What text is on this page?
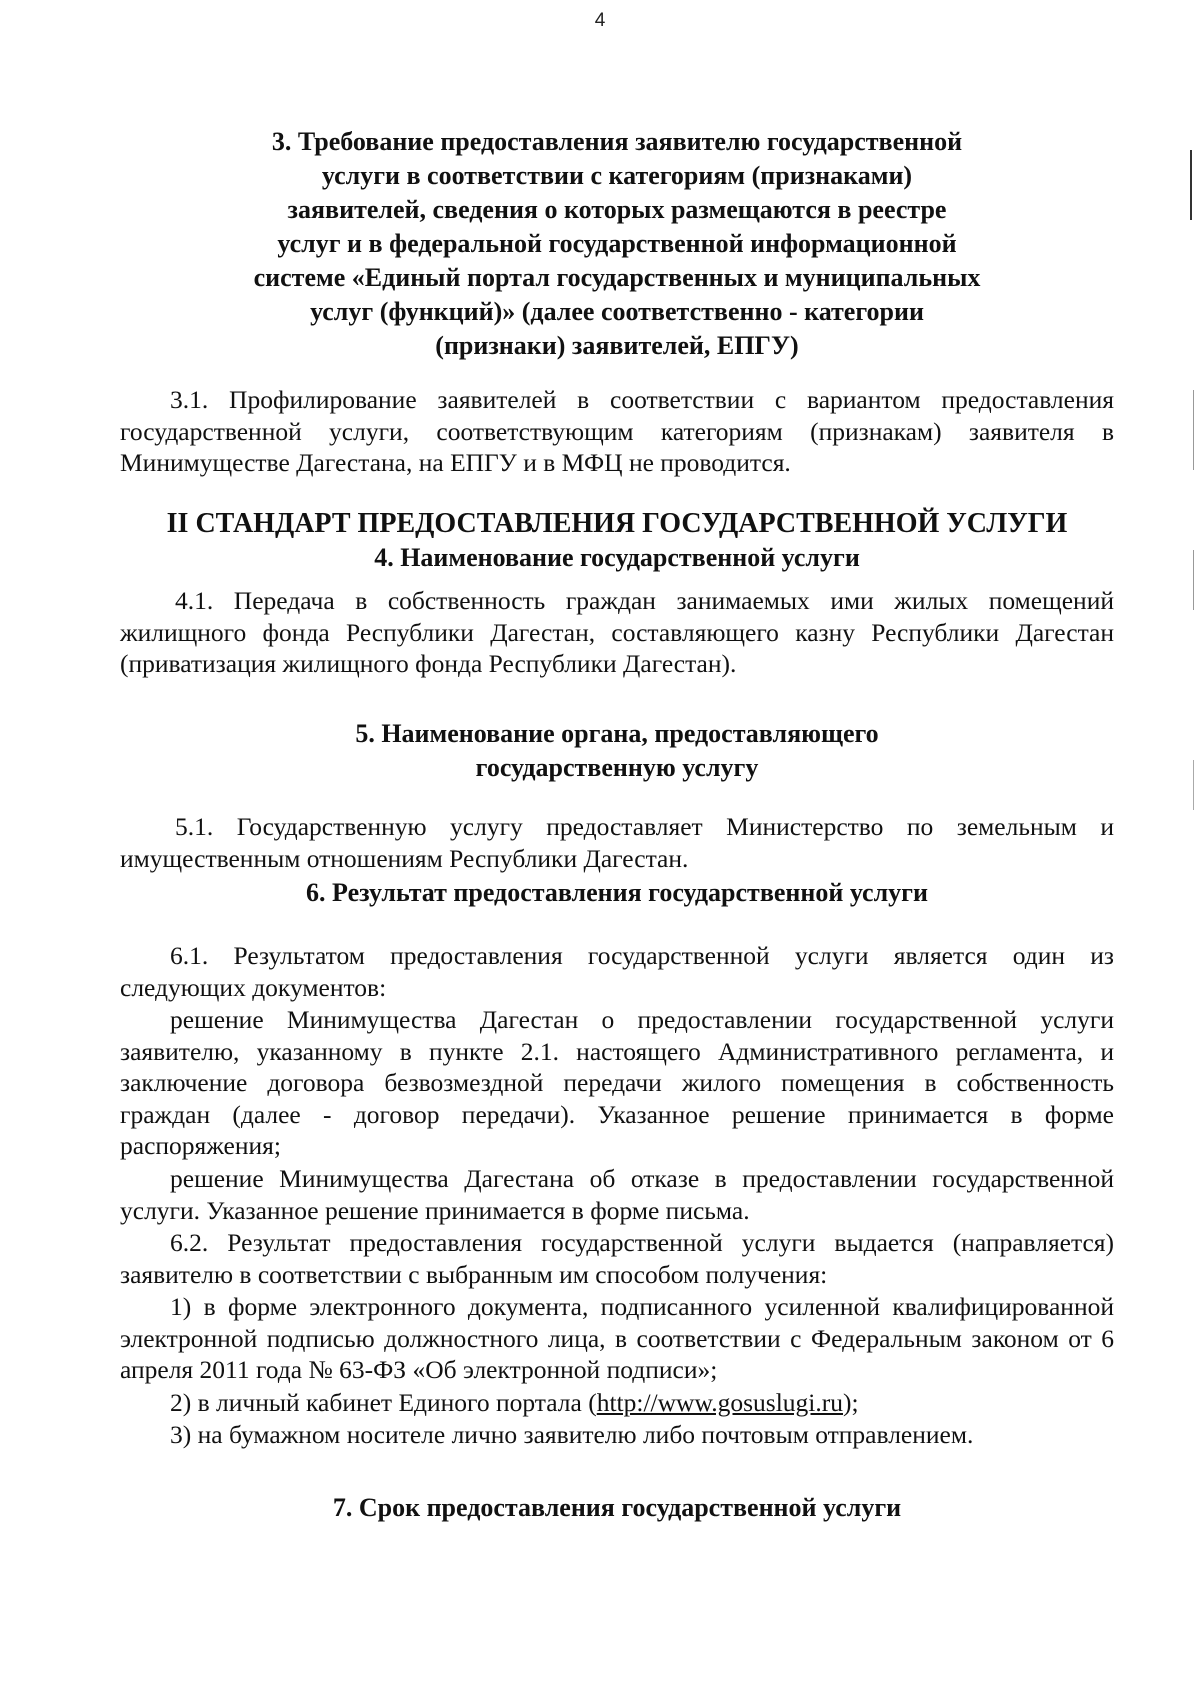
4
3. Требование предоставления заявителю государственной
услуги в соответствии с категориям (признаками)
заявителей, сведения о которых размещаются в реестре
услуг и в федеральной государственной информационной
системе «Единый портал государственных и муниципальных
услуг (функций)» (далее соответственно - категории
(признаки) заявителей, ЕПГУ)

3.1. Профилирование заявителей в соответствии с вариантом предоставления государственной услуги, соответствующим категориям (признакам) заявителя в Минимуществе Дагестана, на ЕПГУ и в МФЦ не проводится.

II СТАНДАРТ ПРЕДОСТАВЛЕНИЯ ГОСУДАРСТВЕННОЙ УСЛУГИ
4. Наименование государственной услуги

4.1. Передача в собственность граждан занимаемых ими жилых помещений жилищного фонда Республики Дагестан, составляющего казну Республики Дагестан (приватизация жилищного фонда Республики Дагестан).

5. Наименование органа, предоставляющего
государственную услугу

5.1. Государственную услугу предоставляет Министерство по земельным и имущественным отношениям Республики Дагестан.

6. Результат предоставления государственной услуги

6.1. Результатом предоставления государственной услуги является один из следующих документов:

решение Минимущества Дагестан о предоставлении государственной услуги заявителю, указанному в пункте 2.1. настоящего Административного регламента, и заключение договора безвозмездной передачи жилого помещения в собственность граждан (далее - договор передачи). Указанное решение принимается в форме распоряжения;

решение Минимущества Дагестана об отказе в предоставлении государственной услуги. Указанное решение принимается в форме письма.

6.2. Результат предоставления государственной услуги выдается (направляется) заявителю в соответствии с выбранным им способом получения:

1) в форме электронного документа, подписанного усиленной квалифицированной электронной подписью должностного лица, в соответствии с Федеральным законом от 6 апреля 2011 года № 63-ФЗ «Об электронной подписи»;

2) в личный кабинет Единого портала (http://www.gosuslugi.ru);

3) на бумажном носителе лично заявителю либо почтовым отправлением.

7. Срок предоставления государственной услуги
